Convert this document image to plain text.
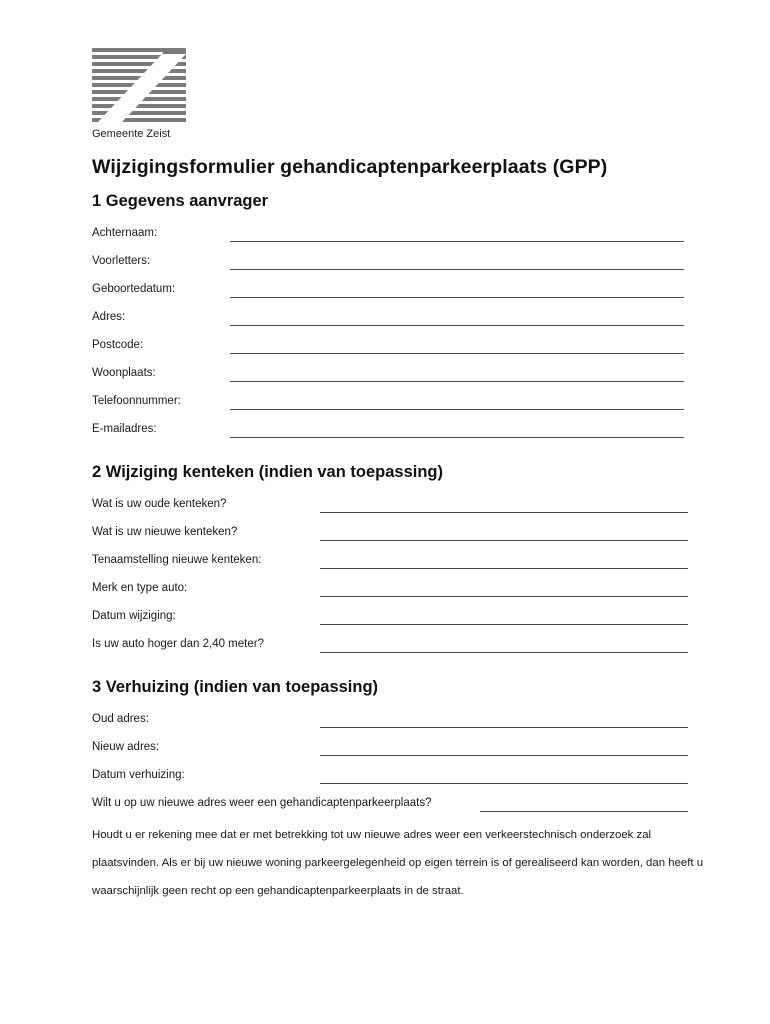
Gemeente Zeist
Wijzigingsformulier gehandicaptenparkeerplaats (GPP)
1 Gegevens aanvrager
Achternaam:
Voorletters:
Geboortedatum:
Adres:
Postcode:
Woonplaats:
Telefoonnummer:
E-mailadres:
2 Wijziging kenteken (indien van toepassing)
Wat is uw oude kenteken?
Wat is uw nieuwe kenteken?
Tenaamstelling nieuwe kenteken:
Merk en type auto:
Datum wijziging:
Is uw auto hoger dan 2,40 meter?
3 Verhuizing (indien van toepassing)
Oud adres:
Nieuw adres:
Datum verhuizing:
Wilt u op uw nieuwe adres weer een gehandicaptenparkeerplaats?

Houdt u er rekening mee dat er met betrekking tot uw nieuwe adres weer een verkeerstechnisch onderzoek zal plaatsvinden. Als er bij uw nieuwe woning parkeergelegenheid op eigen terrein is of gerealiseerd kan worden, dan heeft u waarschijnlijk geen recht op een gehandicaptenparkeerplaats in de straat.
